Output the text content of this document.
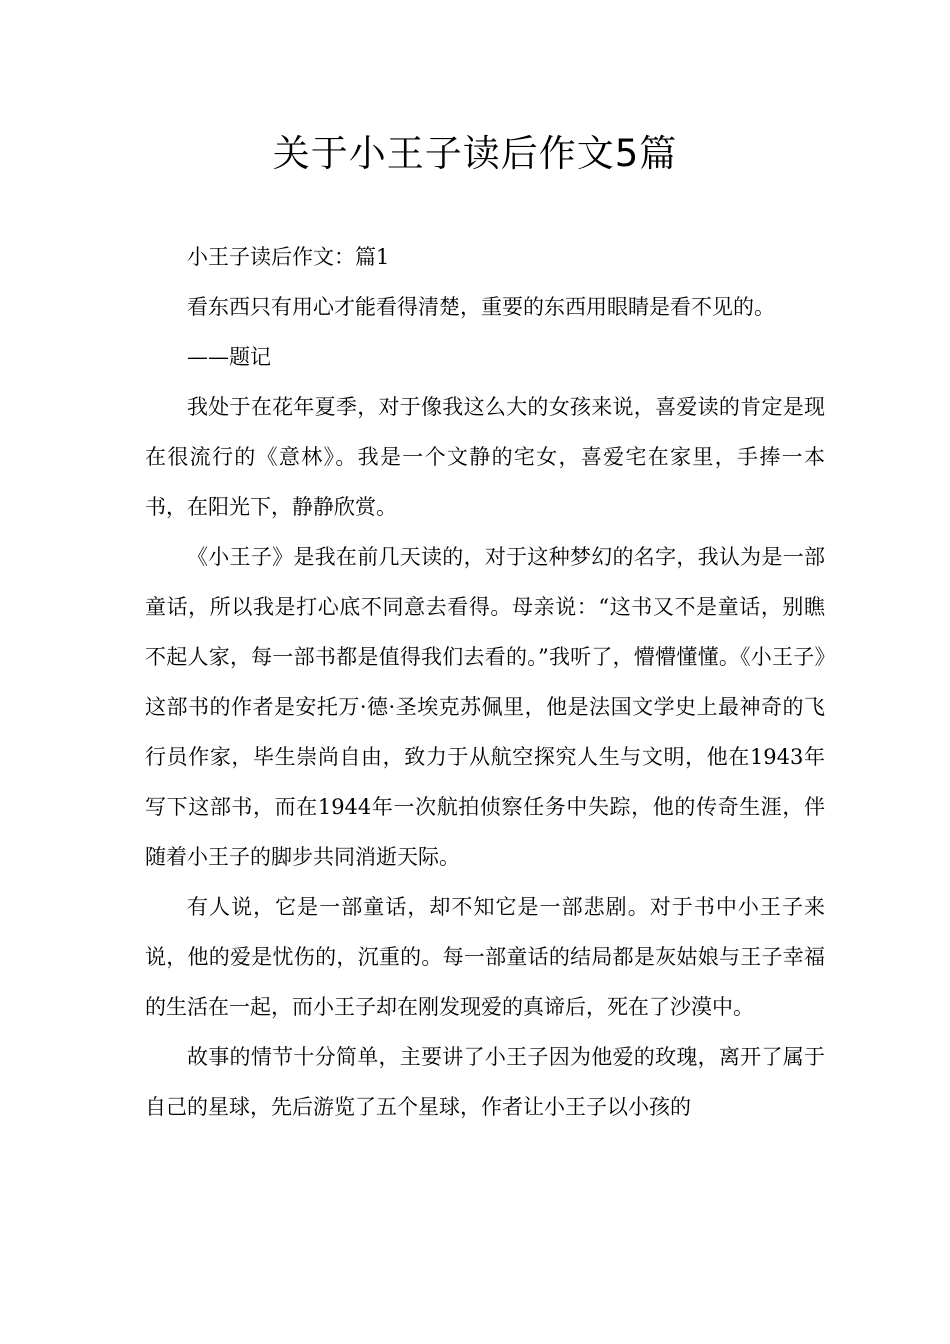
关于小王子读后作文5篇

小王子读后作文：篇1

看东西只有用心才能看得清楚，重要的东西用眼睛是看不见的。

——题记

我处于在花年夏季，对于像我这么大的女孩来说，喜爱读的肯定是现在很流行的《意林》。我是一个文静的宅女，喜爱宅在家里，手捧一本书，在阳光下，静静欣赏。

《小王子》是我在前几天读的，对于这种梦幻的名字，我认为是一部童话，所以我是打心底不同意去看得。母亲说：“这书又不是童话，别瞧不起人家，每一部书都是值得我们去看的。”我听了，懵懵懂懂。《小王子》这部书的作者是安托万·德·圣埃克苏佩里，他是法国文学史上最神奇的飞行员作家，毕生崇尚自由，致力于从航空探究人生与文明，他在1943年写下这部书，而在1944年一次航拍侦察任务中失踪，他的传奇生涯，伴随着小王子的脚步共同消逝天际。

有人说，它是一部童话，却不知它是一部悲剧。对于书中小王子来说，他的爱是忧伤的，沉重的。每一部童话的结局都是灰姑娘与王子幸福的生活在一起，而小王子却在刚发现爱的真谛后，死在了沙漠中。

故事的情节十分简单，主要讲了小王子因为他爱的玫瑰，离开了属于自己的星球，先后游览了五个星球，作者让小王子以小孩的
